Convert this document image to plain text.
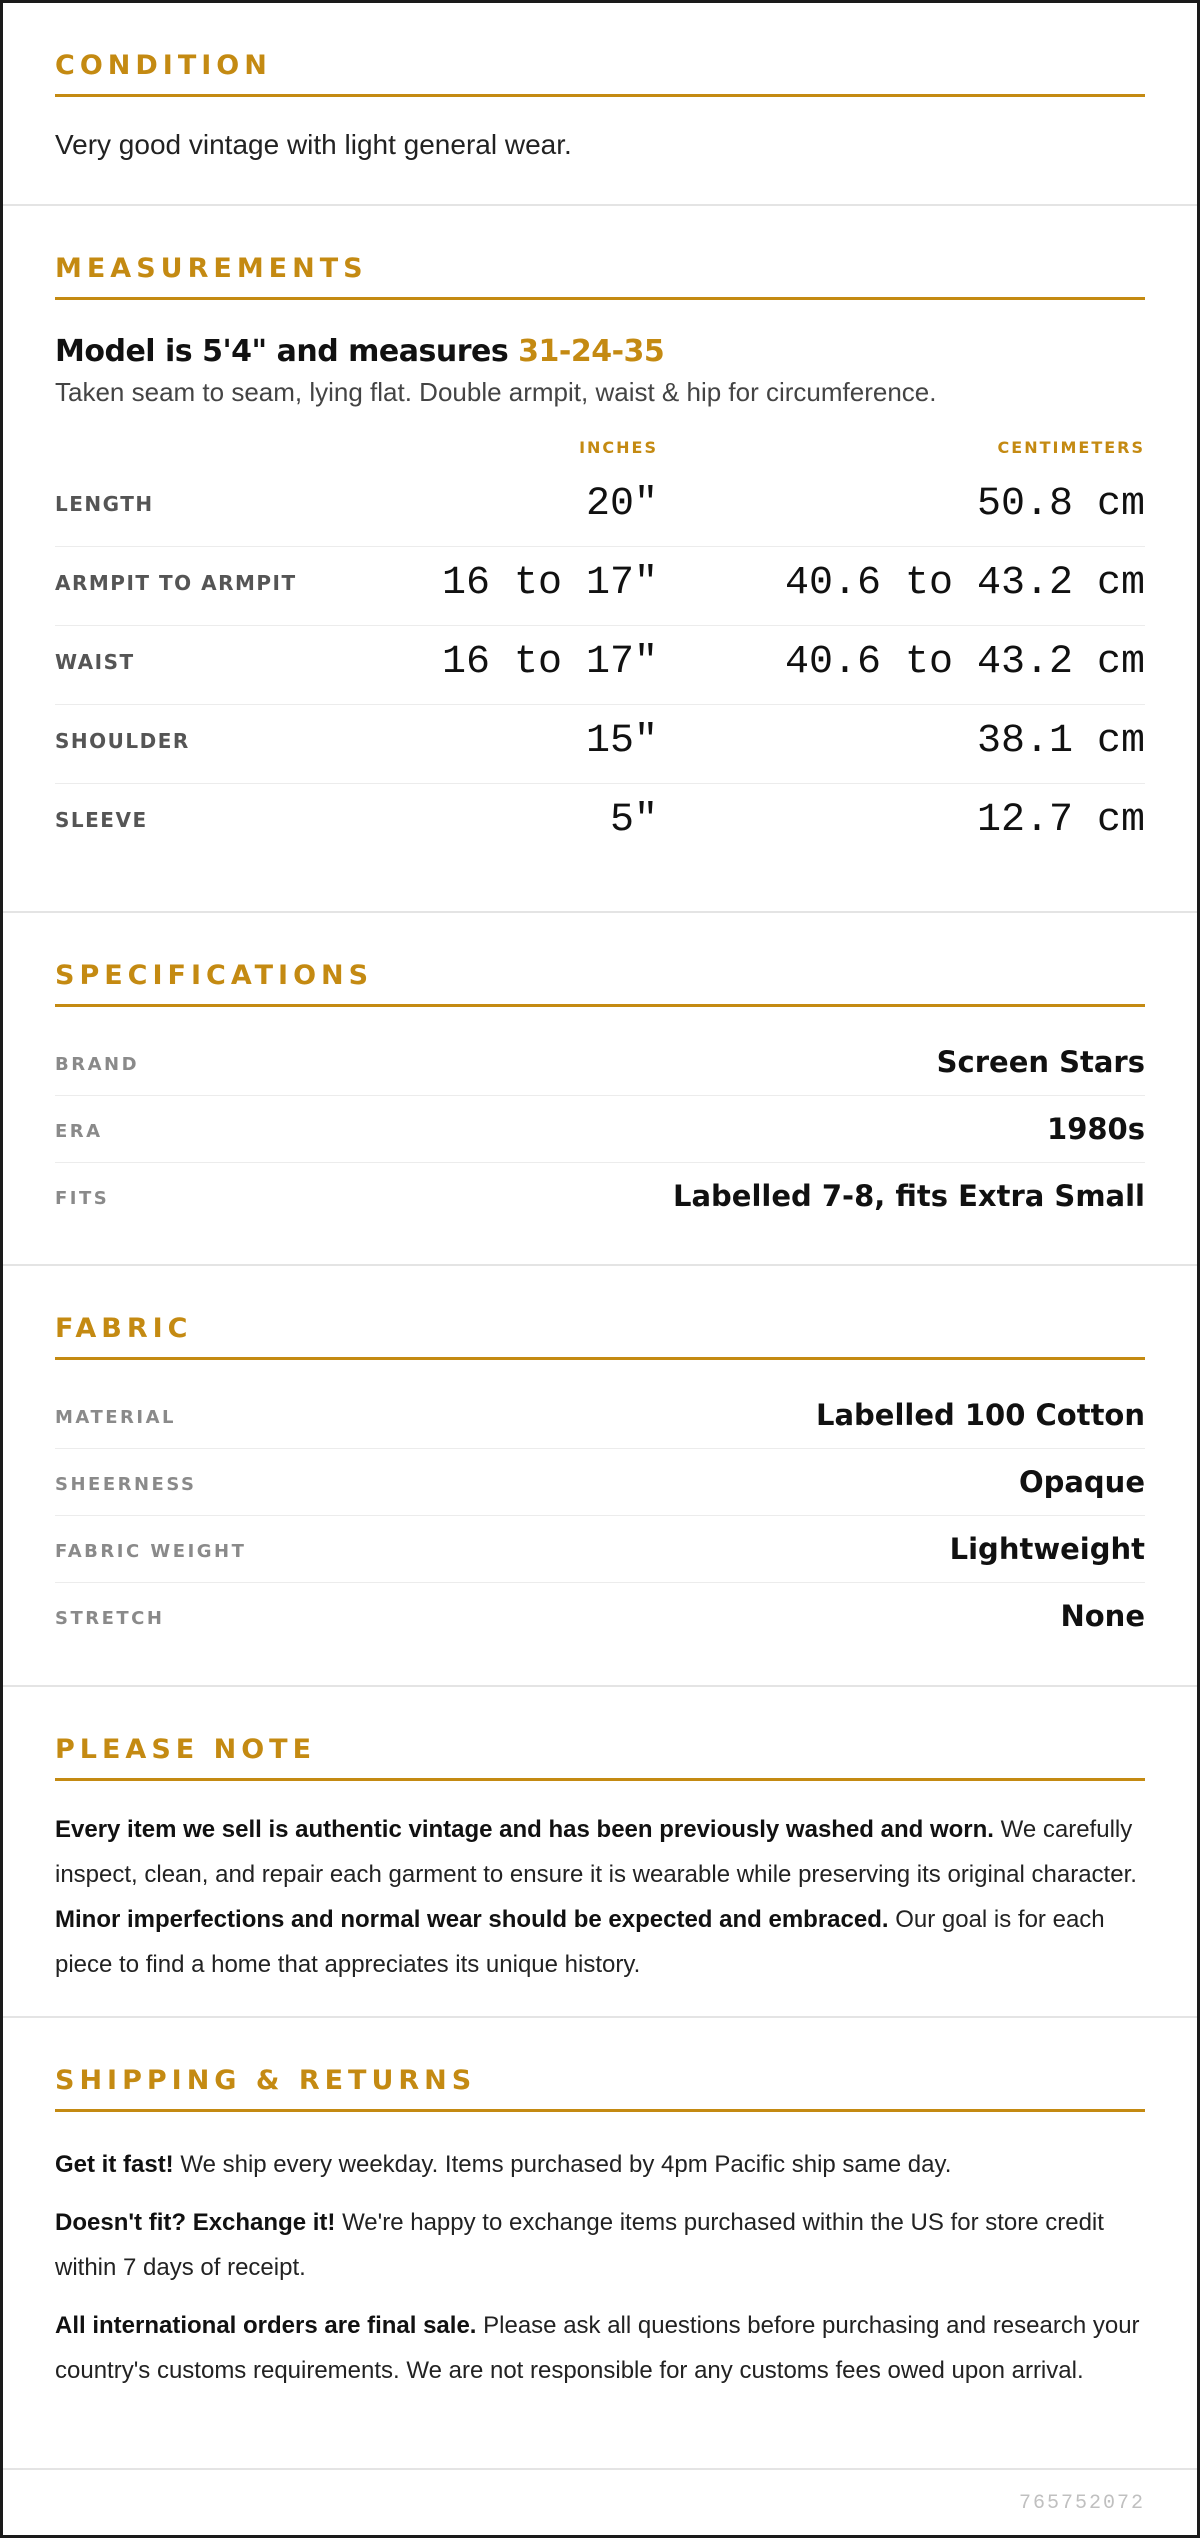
CONDITION
Very good vintage with light general wear.
MEASUREMENTS
Model is 5'4" and measures 31-24-35
Taken seam to seam, lying flat. Double armpit, waist & hip for circumference.
INCHES	CENTIMETERS
LENGTH	20"	50.8 cm
ARMPIT TO ARMPIT	16 to 17"	40.6 to 43.2 cm
WAIST	16 to 17"	40.6 to 43.2 cm
SHOULDER	15"	38.1 cm
SLEEVE	5"	12.7 cm
SPECIFICATIONS
BRAND	Screen Stars
ERA	1980s
FITS	Labelled 7-8, fits Extra Small
FABRIC
MATERIAL	Labelled 100 Cotton
SHEERNESS	Opaque
FABRIC WEIGHT	Lightweight
STRETCH	None
PLEASE NOTE
Every item we sell is authentic vintage and has been previously washed and worn. We carefully inspect, clean, and repair each garment to ensure it is wearable while preserving its original character. Minor imperfections and normal wear should be expected and embraced. Our goal is for each piece to find a home that appreciates its unique history.
SHIPPING & RETURNS

Get it fast! We ship every weekday. Items purchased by 4pm Pacific ship same day.

Doesn't fit? Exchange it! We're happy to exchange items purchased within the US for store credit within 7 days of receipt.

All international orders are final sale. Please ask all questions before purchasing and research your country's customs requirements. We are not responsible for any customs fees owed upon arrival.

765752072
